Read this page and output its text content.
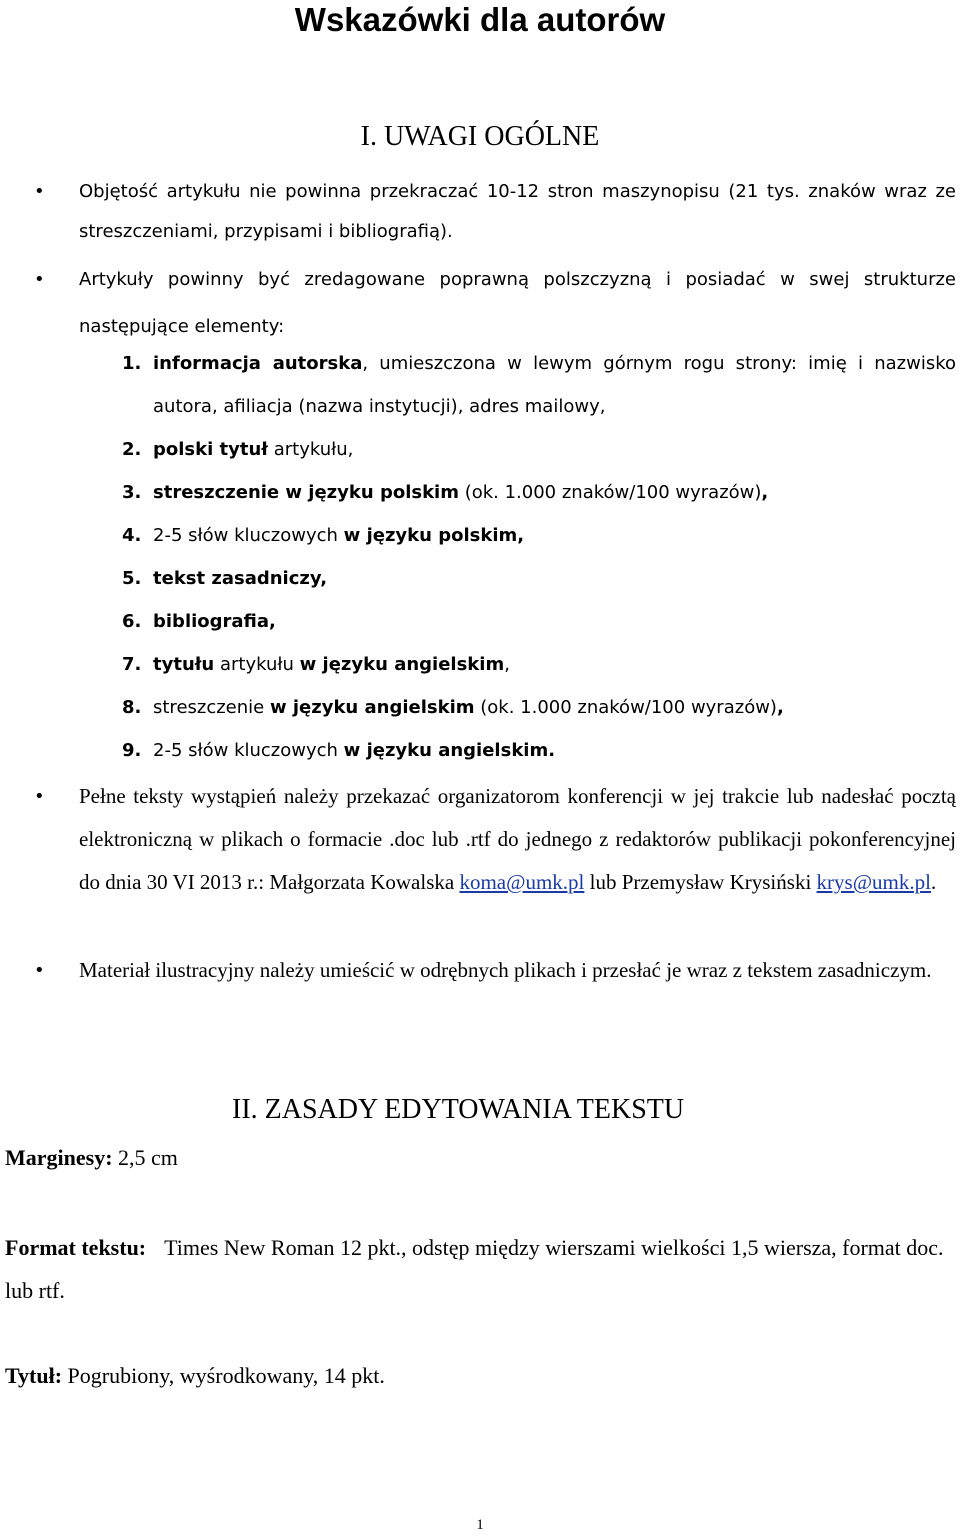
Wskazówki dla autorów
I. UWAGI OGÓLNE

• Objętość artykułu nie powinna przekraczać 10-12 stron maszynopisu (21 tys. znaków wraz ze streszczeniami, przypisami i bibliografią).

• Artykuły powinny być zredagowane poprawną polszczyzną i posiadać w swej strukturze następujące elementy:

1. informacja autorska, umieszczona w lewym górnym rogu strony: imię i nazwisko autora, afiliacja (nazwa instytucji), adres mailowy,
2. polski tytuł artykułu,
3. streszczenie w języku polskim (ok. 1.000 znaków/100 wyrazów),
4. 2-5 słów kluczowych w języku polskim,
5. tekst zasadniczy,
6. bibliografia,
7. tytułu artykułu w języku angielskim,
8. streszczenie w języku angielskim (ok. 1.000 znaków/100 wyrazów),
9. 2-5 słów kluczowych w języku angielskim.

• Pełne teksty wystąpień należy przekazać organizatorom konferencji w jej trakcie lub nadesłać pocztą elektroniczną w plikach o formacie .doc lub .rtf do jednego z redaktorów publikacji pokonferencyjnej do dnia 30 VI 2013 r.: Małgorzata Kowalska koma@umk.pl lub Przemysław Krysiński krys@umk.pl.

• Materiał ilustracyjny należy umieścić w odrębnych plikach i przesłać je wraz z tekstem zasadniczym.

II. ZASADY EDYTOWANIA TEKSTU

Marginesy: 2,5 cm

Format tekstu: Times New Roman 12 pkt., odstęp między wierszami wielkości 1,5 wiersza, format doc. lub rtf.

Tytuł: Pogrubiony, wyśrodkowany, 14 pkt.

1
